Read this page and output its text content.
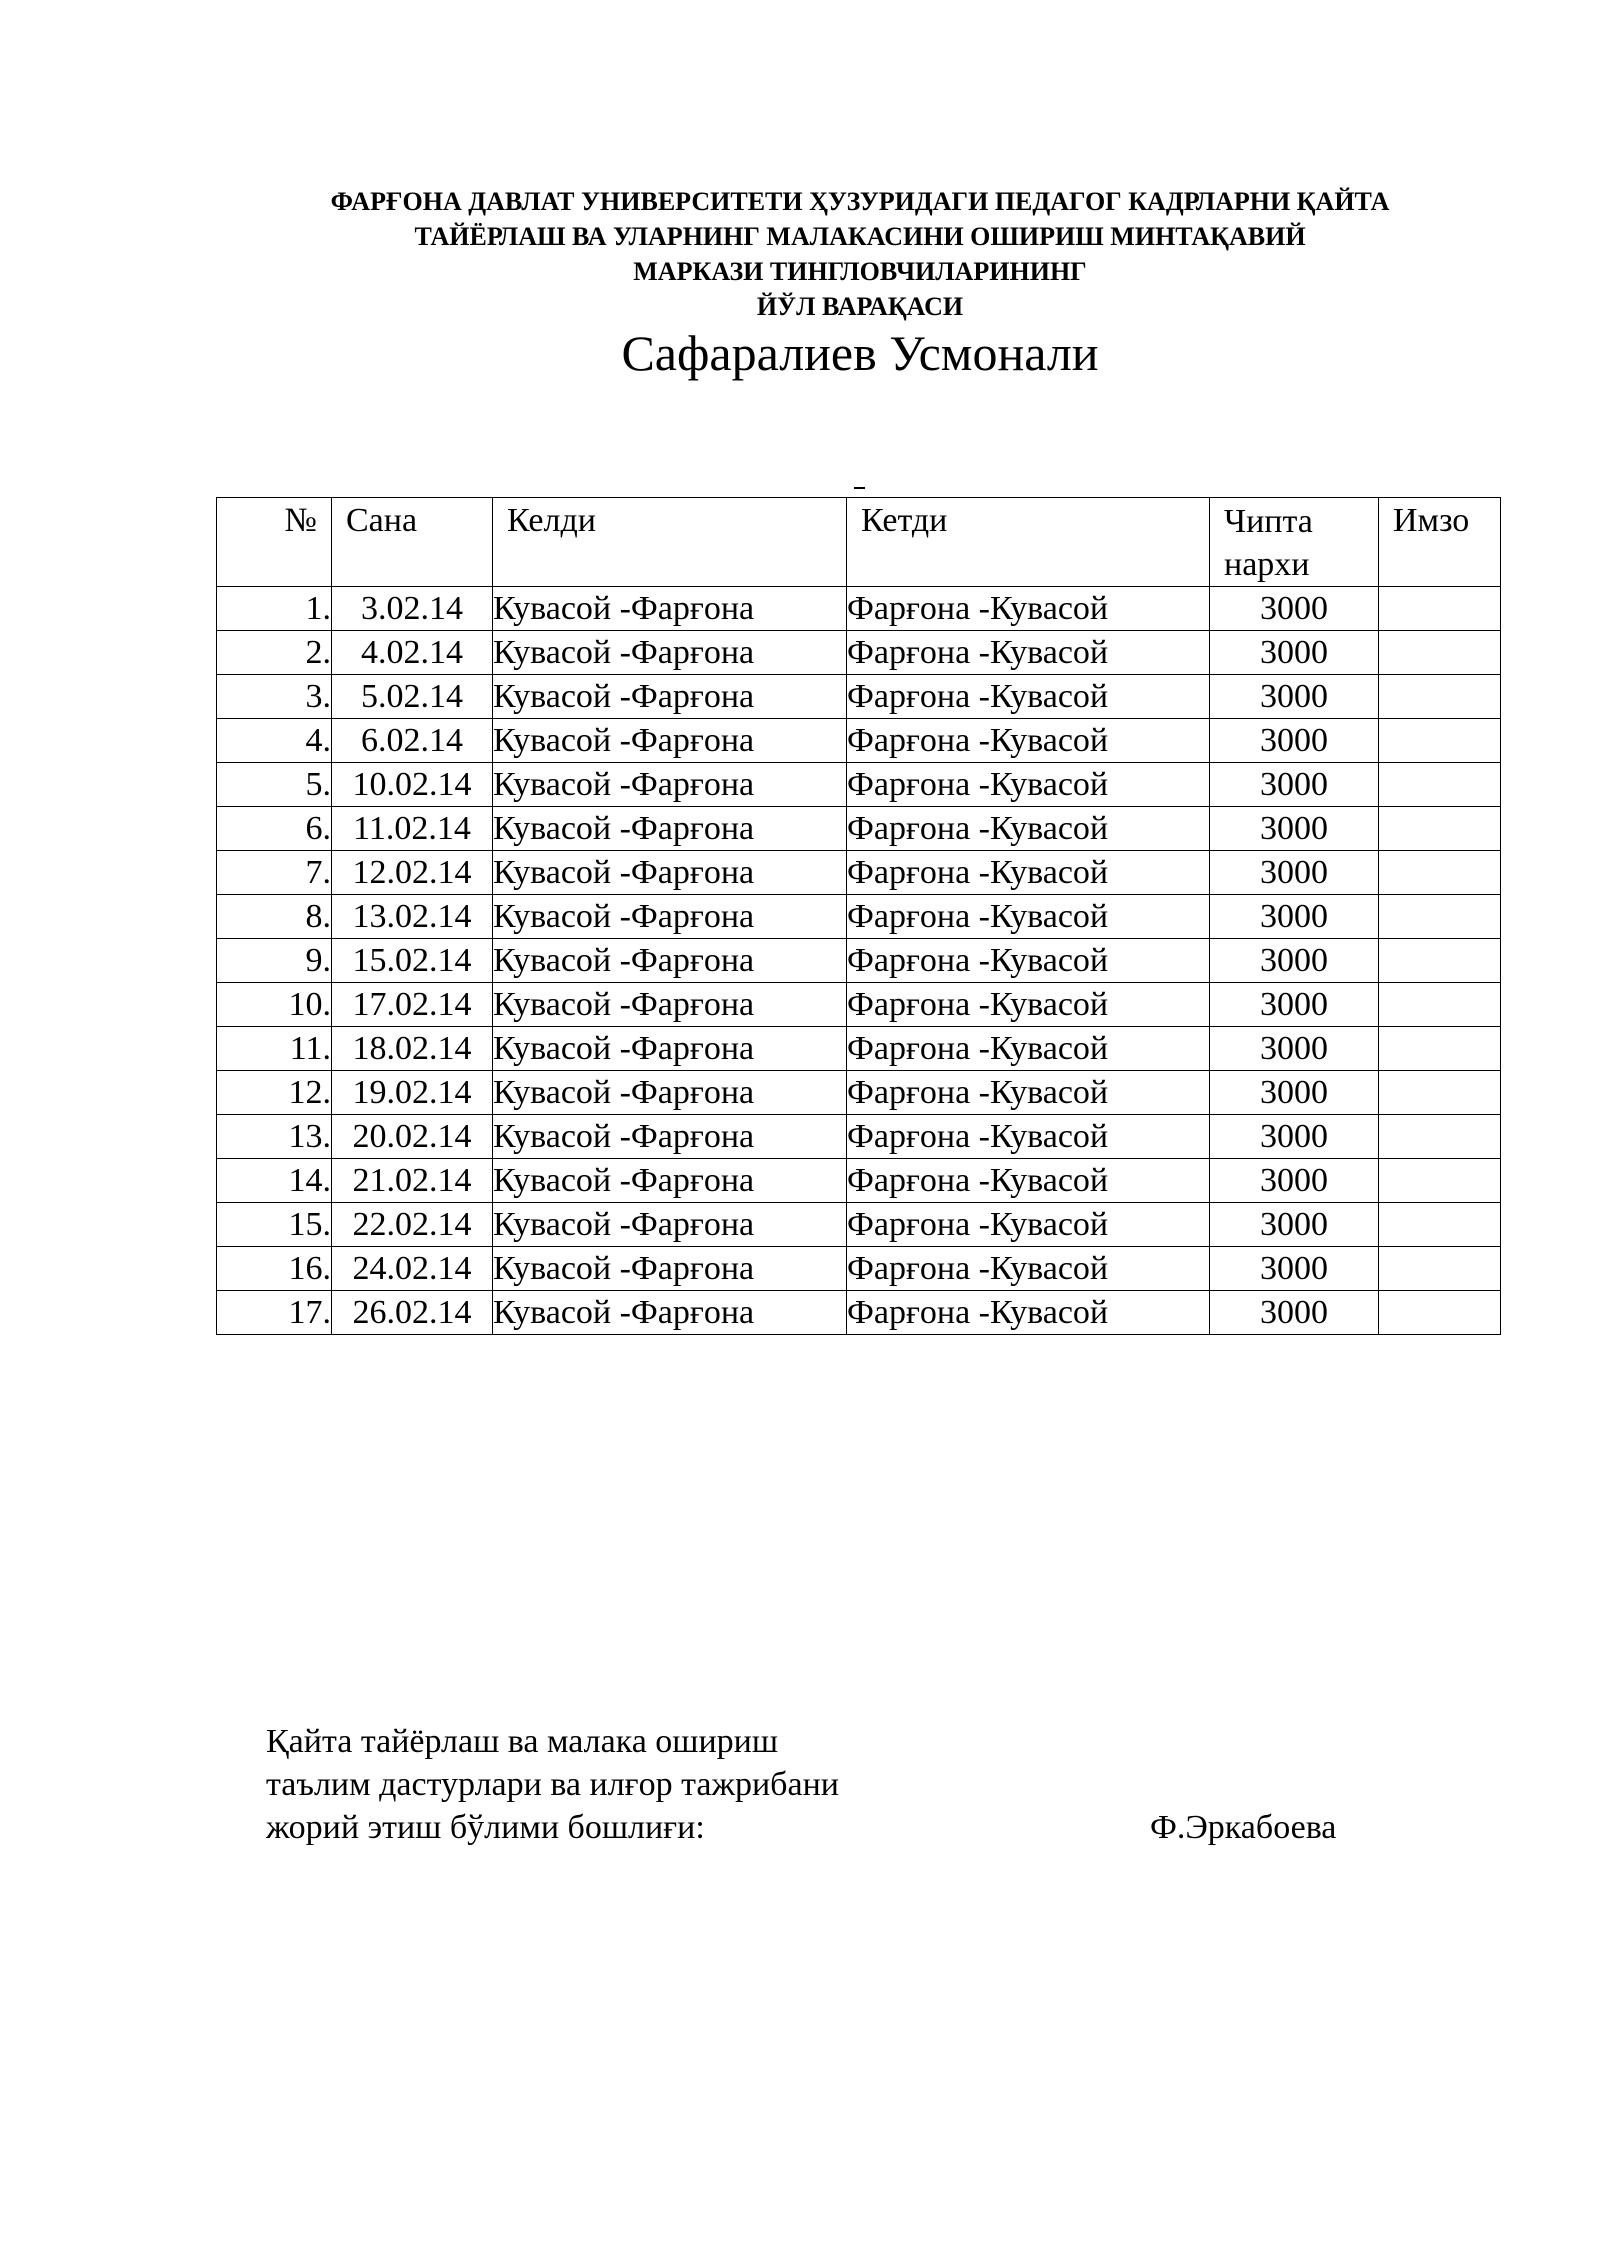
ФАРҒОНА ДАВЛАТ УНИВЕРСИТЕТИ ҲУЗУРИДАГИ ПЕДАГОГ КАДРЛАРНИ ҚАЙТА
ТАЙЁРЛАШ ВА УЛАРНИНГ МАЛАКАСИНИ ОШИРИШ МИНТАҚАВИЙ
МАРКАЗИ ТИНГЛОВЧИЛАРИНИНГ
ЙЎЛ ВАРАҚАСИ
Сафаралиев Усмонали
№	Сана	Келди	Кетди	Чипта нархи	Имзо
1.	3.02.14	Кувасой -Фарғона	Фарғона -Кувасой	3000	
2.	4.02.14	Кувасой -Фарғона	Фарғона -Кувасой	3000	
3.	5.02.14	Кувасой -Фарғона	Фарғона -Кувасой	3000	
4.	6.02.14	Кувасой -Фарғона	Фарғона -Кувасой	3000	
5.	10.02.14	Кувасой -Фарғона	Фарғона -Кувасой	3000	
6.	11.02.14	Кувасой -Фарғона	Фарғона -Кувасой	3000	
7.	12.02.14	Кувасой -Фарғона	Фарғона -Кувасой	3000	
8.	13.02.14	Кувасой -Фарғона	Фарғона -Кувасой	3000	
9.	15.02.14	Кувасой -Фарғона	Фарғона -Кувасой	3000	
10.	17.02.14	Кувасой -Фарғона	Фарғона -Кувасой	3000	
11.	18.02.14	Кувасой -Фарғона	Фарғона -Кувасой	3000	
12.	19.02.14	Кувасой -Фарғона	Фарғона -Кувасой	3000	
13.	20.02.14	Кувасой -Фарғона	Фарғона -Кувасой	3000	
14.	21.02.14	Кувасой -Фарғона	Фарғона -Кувасой	3000	
15.	22.02.14	Кувасой -Фарғона	Фарғона -Кувасой	3000	
16.	24.02.14	Кувасой -Фарғона	Фарғона -Кувасой	3000	
17.	26.02.14	Кувасой -Фарғона	Фарғона -Кувасой	3000	
Қайта тайёрлаш ва малака ошириш
таълим дастурлари ва илғор тажрибани
жорий этиш бўлими бошлиғи:	Ф.Эркабоева
